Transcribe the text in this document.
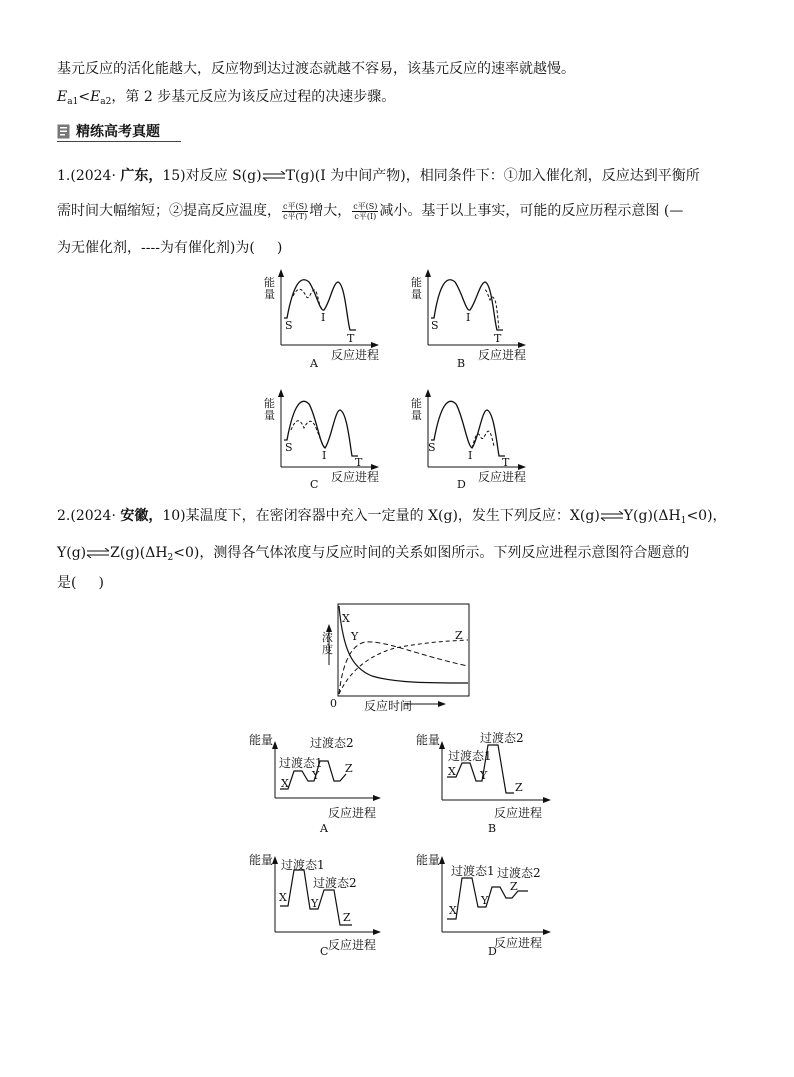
基元反应的活化能越大，反应物到达过渡态就越不容易，该基元反应的速率就越慢。
$E_{a1}<E_{a2}$，第 2 步基元反应为该反应过程的决速步骤。
精练高考真题
1.(2024· 广东，15)对反应 S(g)⇌T(g)(I 为中间产物)，相同条件下：①加入催化剂，反应达到平衡所
需时间大幅缩短；②提高反应温度， $\frac{\text{c平(S)}}{\text{c平(T)}}$ 增大， $\frac{\text{c平(S)}}{\text{c平(I)}}$ 减小。基于以上事实，可能的反应历程示意图 (—
为无催化剂，----为有催化剂)为( )
能量
反应进程
S
I
T
A
能量
反应进程
S
I
T
B
能量
反应进程
S
I
T
C
能量
反应进程
S
I
T
D
2.(2024· 安徽，10)某温度下，在密闭容器中充入一定量的 X(g)，发生下列反应：$X(g)\rightleftharpoons Y(g)(\Delta H_1<0)$，
$Y(g)\rightleftharpoons Z(g)(\Delta H_2<0)$，测得各气体浓度与反应时间的关系如图所示。下列反应进程示意图符合题意的
是( )
浓度
反应时间
0
X
Y	Z
能量	过渡态2
过渡态1
X
Y
Z
反应进程
A
能量	过渡态2
过渡态1
X Y
Z
反应进程
B
能量 过渡态1
过渡态2
X Y
Z
反应进程
C
能量
过渡态1 过渡态2
X
Y
Z
反应进程
D
